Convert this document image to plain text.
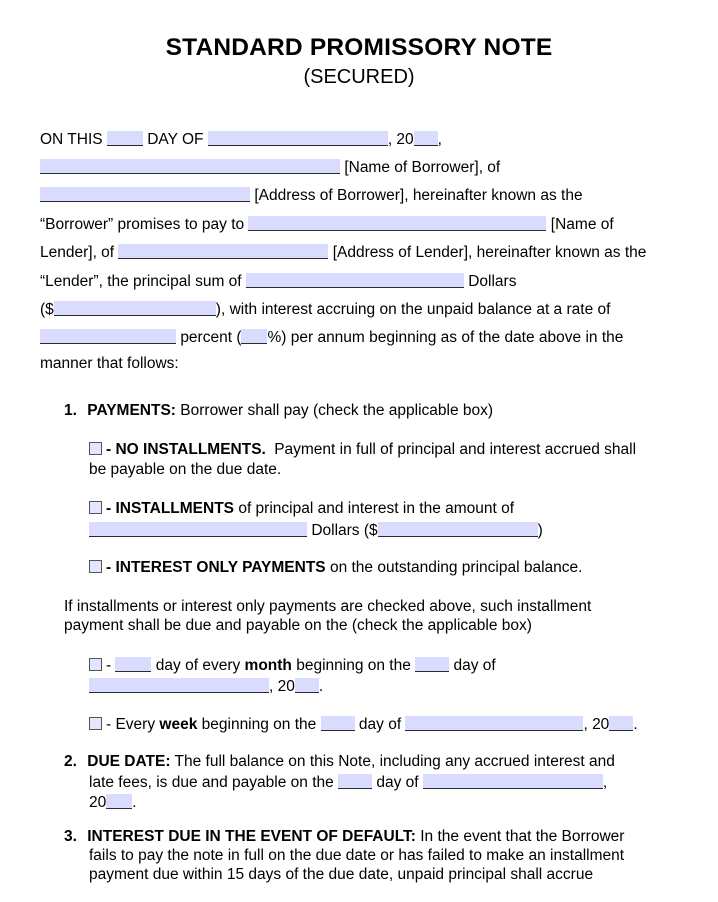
STANDARD PROMISSORY NOTE
(SECURED)
ON THIS	DAY OF	, 20 ,
[Name of Borrower], of
[Address of Borrower], hereinafter known as the
“Borrower” promises to pay to	[Name of
Lender], of	[Address of Lender], hereinafter known as the
“Lender”, the principal sum of	Dollars
($	), with interest accruing on the unpaid balance at a rate of
percent ( %) per annum beginning as of the date above in the
manner that follows:
1. PAYMENTS: Borrower shall pay (check the applicable box)
- NO INSTALLMENTS. Payment in full of principal and interest accrued shall
be payable on the due date.
- INSTALLMENTS of principal and interest in the amount of
Dollars ($	)
- INTEREST ONLY PAYMENTS on the outstanding principal balance.
If installments or interest only payments are checked above, such installment
payment shall be due and payable on the (check the applicable box)
-	day of every month beginning on the	day of
, 20 .
- Every week beginning on the	day of	, 20 .
2. DUE DATE: The full balance on this Note, including any accrued interest and
late fees, is due and payable on the	day of	,
20 .
3. INTEREST DUE IN THE EVENT OF DEFAULT: In the event that the Borrower
fails to pay the note in full on the due date or has failed to make an installment
payment due within 15 days of the due date, unpaid principal shall accrue
